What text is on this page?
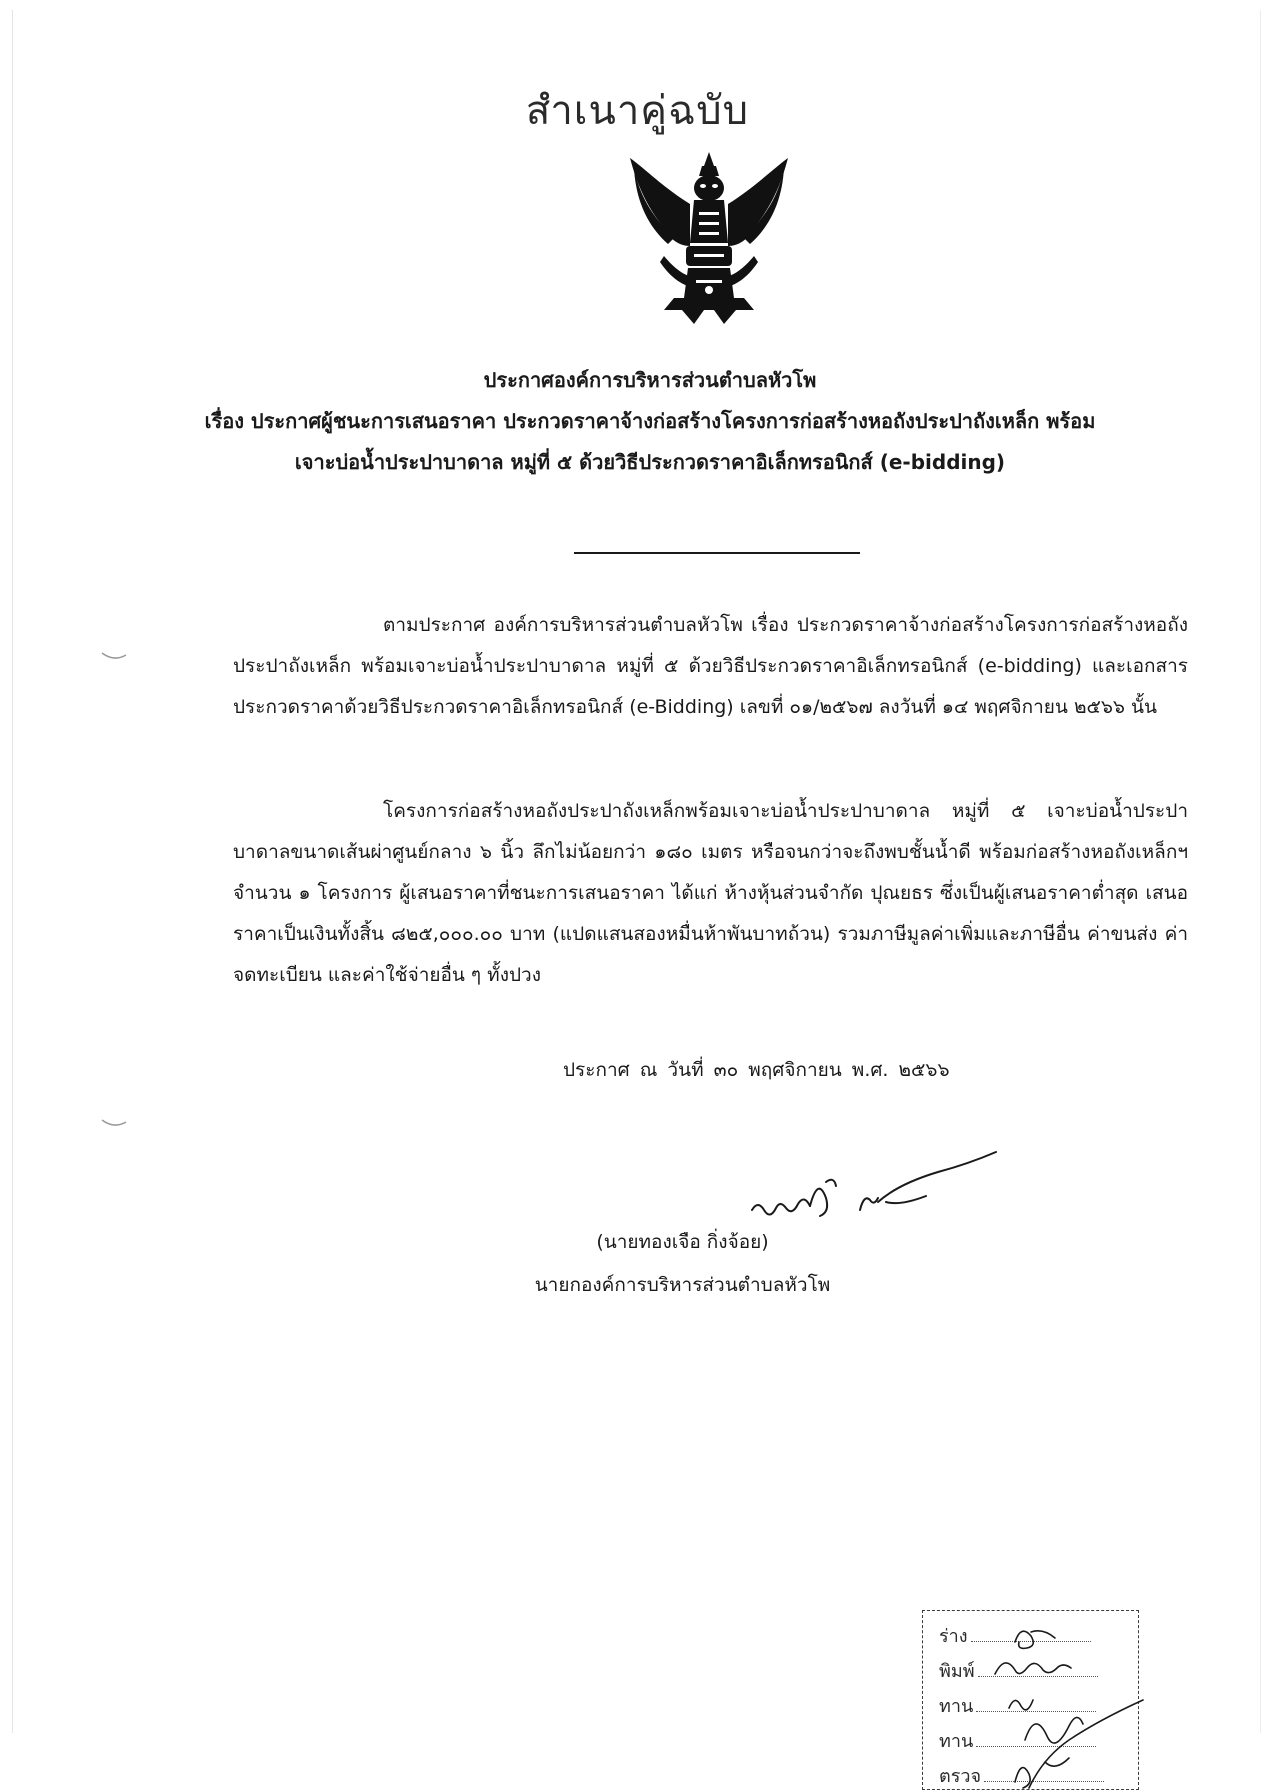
สำเนาคู่ฉบับ
ประกาศองค์การบริหารส่วนตำบลหัวโพ
เรื่อง ประกาศผู้ชนะการเสนอราคา ประกวดราคาจ้างก่อสร้างโครงการก่อสร้างหอถังประปาถังเหล็ก พร้อม
เจาะบ่อน้ำประปาบาดาล หมู่ที่ ๕ ด้วยวิธีประกวดราคาอิเล็กทรอนิกส์ (e-bidding)
ตามประกาศ องค์การบริหารส่วนตำบลหัวโพ เรื่อง ประกวดราคาจ้างก่อสร้างโครงการก่อสร้างหอถังประปาถังเหล็ก พร้อมเจาะบ่อน้ำประปาบาดาล หมู่ที่ ๕ ด้วยวิธีประกวดราคาอิเล็กทรอนิกส์ (e-bidding) และเอกสารประกวดราคาด้วยวิธีประกวดราคาอิเล็กทรอนิกส์ (e-Bidding) เลขที่ ๐๑/๒๕๖๗ ลงวันที่ ๑๔ พฤศจิกายน ๒๕๖๖ นั้น
โครงการก่อสร้างหอถังประปาถังเหล็กพร้อมเจาะบ่อน้ำประปาบาดาล หมู่ที่ ๕ เจาะบ่อน้ำประปาบาดาลขนาดเส้นผ่าศูนย์กลาง ๖ นิ้ว ลึกไม่น้อยกว่า ๑๘๐ เมตร หรือจนกว่าจะถึงพบชั้นน้ำดี พร้อมก่อสร้างหอถังเหล็กฯ จำนวน ๑ โครงการ ผู้เสนอราคาที่ชนะการเสนอราคา ได้แก่ ห้างหุ้นส่วนจำกัด ปุณยธร ซึ่งเป็นผู้เสนอราคาต่ำสุด เสนอราคาเป็นเงินทั้งสิ้น ๘๒๕,๐๐๐.๐๐ บาท (แปดแสนสองหมื่นห้าพันบาทถ้วน) รวมภาษีมูลค่าเพิ่มและภาษีอื่น ค่าขนส่ง ค่าจดทะเบียน และค่าใช้จ่ายอื่น ๆ ทั้งปวง
ประกาศ ณ วันที่ ๓๐ พฤศจิกายน พ.ศ. ๒๕๖๖
(นายทองเจือ กิ่งจ้อย)
นายกองค์การบริหารส่วนตำบลหัวโพ
ร่าง
พิมพ์
ทาน
ทาน
ตรวจ
